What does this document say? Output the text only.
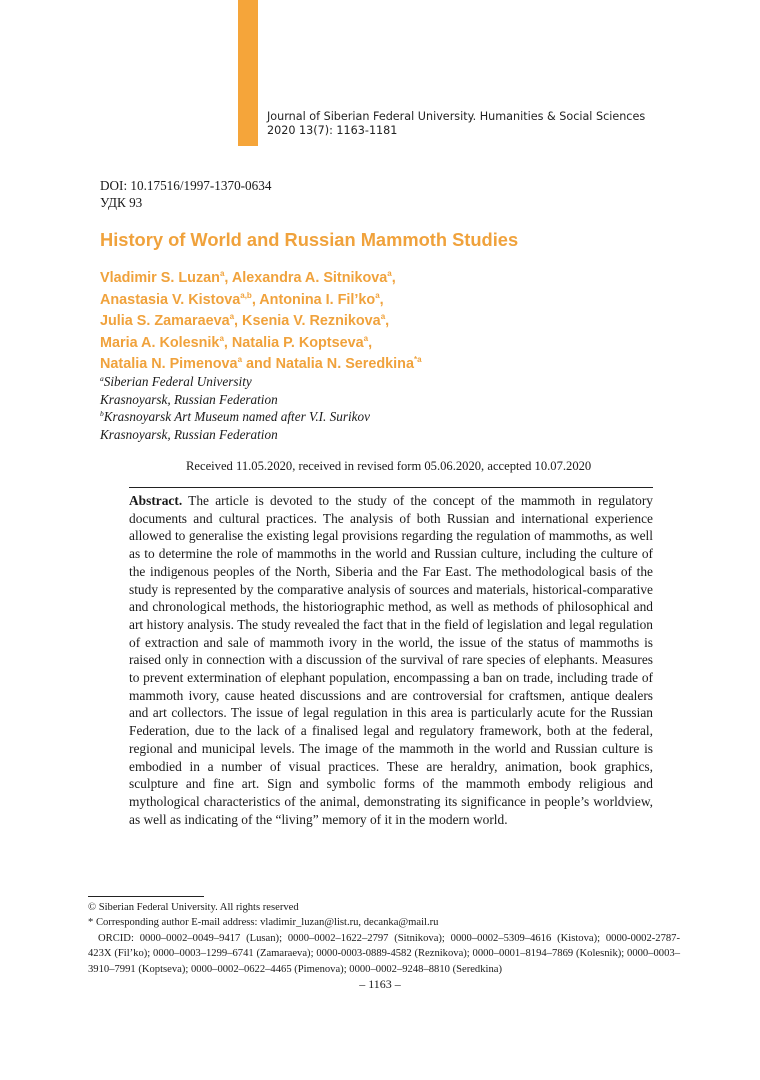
Journal of Siberian Federal University. Humanities & Social Sciences
2020 13(7): 1163-1181
DOI: 10.17516/1997-1370-0634
УДК 93
History of World and Russian Mammoth Studies
Vladimir S. Luzan$^a$, Alexandra A. Sitnikova$^a$,
Anastasia V. Kistova$^{a,b}$, Antonina I. $Fil’ko^a$,
Julia S. Zamaraeva$^a$, Ksenia V. Reznikova$^a$,
Maria A. Kolesnik$^a$, Natalia P. Koptseva$^a$,
Natalia N. Pimenova$^a$ and Natalia N. Seredkina$^{*a}$
$^a$Siberian Federal University
Krasnoyarsk, Russian Federation
$^b$Krasnoyarsk Art Museum named after V.I. Surikov
Krasnoyarsk, Russian Federation
Received 11.05.2020, received in revised form 05.06.2020, accepted 10.07.2020
Abstract. The article is devoted to the study of the concept of the mammoth in regulatory documents and cultural practices. The analysis of both Russian and international experience allowed to generalise the existing legal provisions regarding the regulation of mammoths, as well as to determine the role of mammoths in the world and Russian culture, including the culture of the indigenous peoples of the North, Siberia and the Far East. The methodological basis of the study is represented by the comparative analysis of sources and materials, historical-comparative and chronological methods, the historiographic method, as well as methods of philosophical and art history analysis. The study revealed the fact that in the field of legislation and legal regulation of extraction and sale of mammoth ivory in the world, the issue of the status of mammoths is raised only in connection with a discussion of the survival of rare species of elephants. Measures to prevent extermination of elephant population, encompassing a ban on trade, including trade of mammoth ivory, cause heated discussions and are controversial for craftsmen, antique dealers and art collectors. The issue of legal regulation in this area is particularly acute for the Russian Federation, due to the lack of a finalised legal and regulatory framework, both at the federal, regional and municipal levels. The image of the mammoth in the world and Russian culture is embodied in a number of visual practices. These are heraldry, animation, book graphics, sculpture and fine art. Sign and symbolic forms of the mammoth embody religious and mythological characteristics of the animal, demonstrating its significance in people’s worldview, as well as indicating of the “living” memory of it in the modern world.

© Siberian Federal University. All rights reserved

* Corresponding author E-mail address: vladimir_luzan@list.ru, decanka@mail.ru

ORCID: 0000–0002–0049–9417 (Lusan); 0000–0002–1622–2797 (Sitnikova); 0000–0002–5309–4616 (Kistova); 0000-0002-2787-423X (Fil’ko); 0000–0003–1299–6741 (Zamaraeva); 0000-0003-0889-4582 (Reznikova); 0000–0001–8194–7869 (Kolesnik); 0000–0003–3910–7991 (Koptseva); 0000–0002–0622–4465 (Pimenova); 0000–0002–9248–8810 (Seredkina)

– 1163 –
